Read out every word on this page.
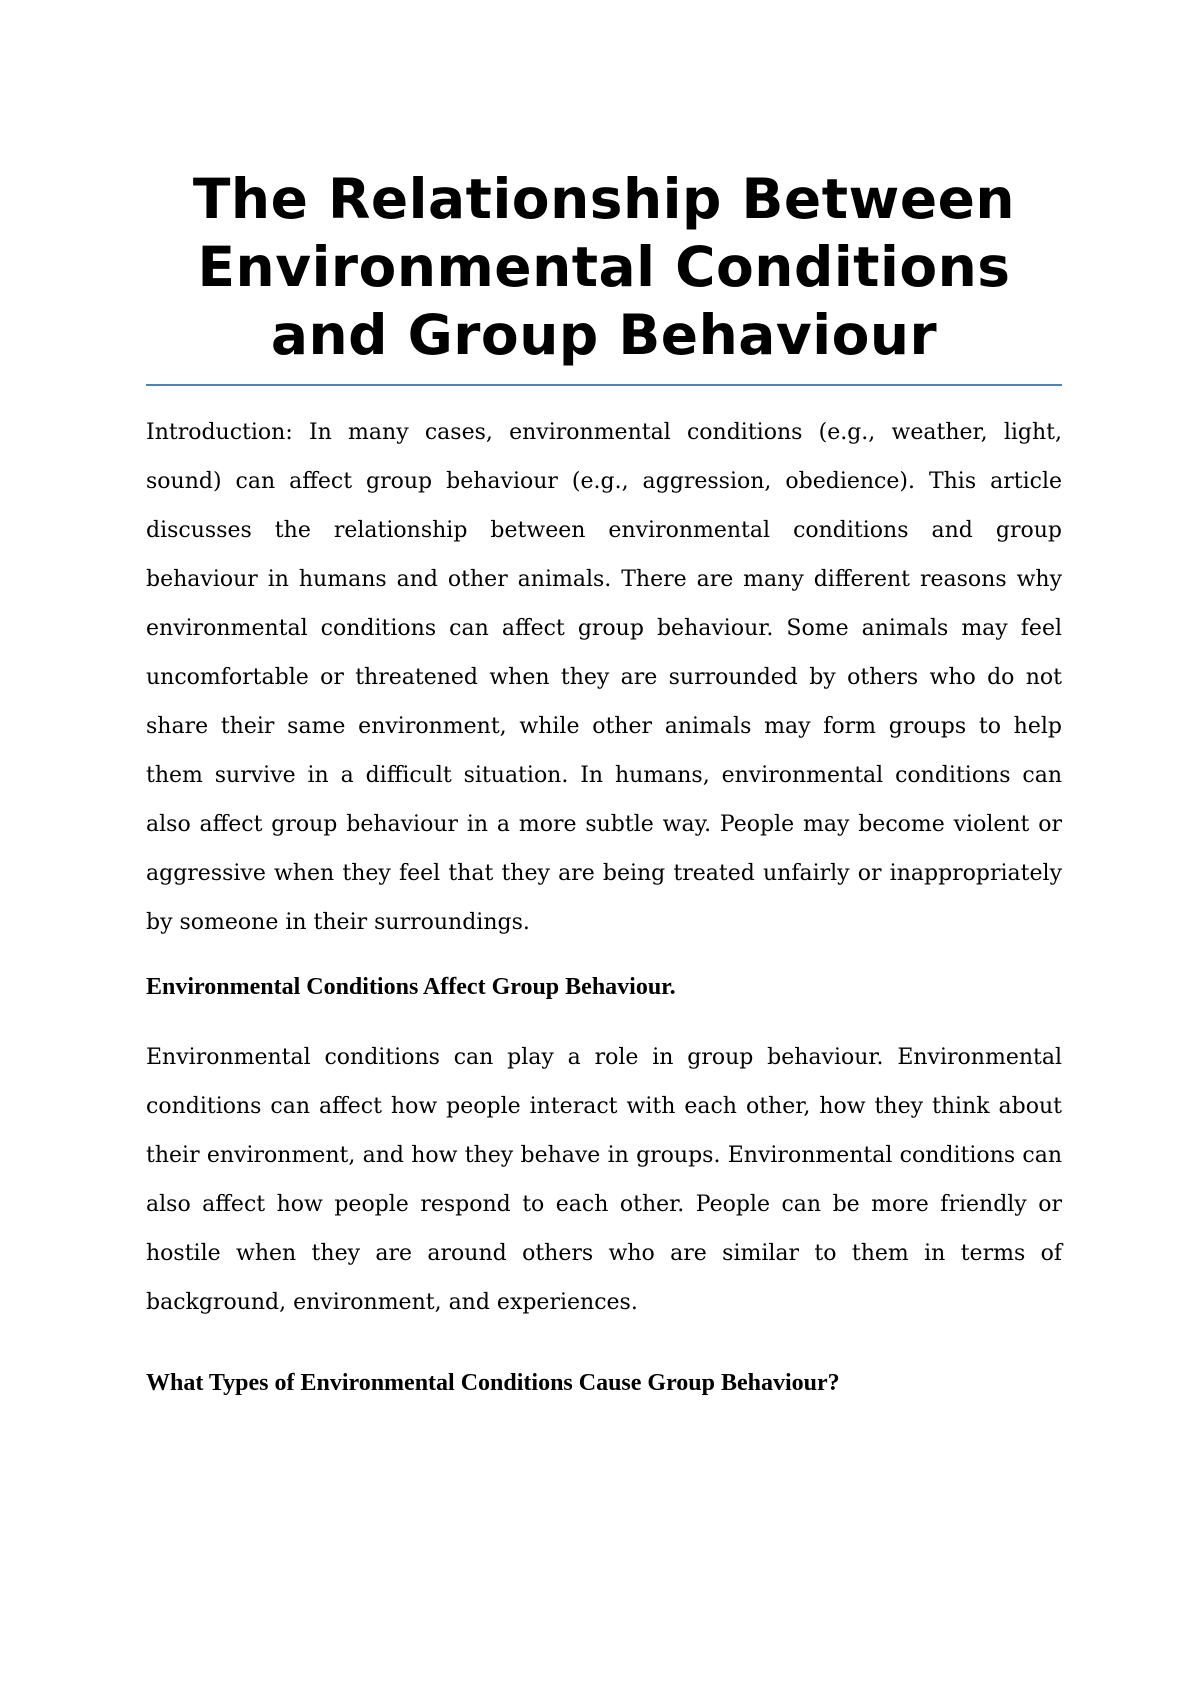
The Relationship Between Environmental Conditions and Group Behaviour

Introduction: In many cases, environmental conditions (e.g., weather, light, sound) can affect group behaviour (e.g., aggression, obedience). This article discusses the relationship between environmental conditions and group behaviour in humans and other animals. There are many different reasons why environmental conditions can affect group behaviour. Some animals may feel uncomfortable or threatened when they are surrounded by others who do not share their same environment, while other animals may form groups to help them survive in a difficult situation. In humans, environmental conditions can also affect group behaviour in a more subtle way. People may become violent or aggressive when they feel that they are being treated unfairly or inappropriately by someone in their surroundings.

Environmental Conditions Affect Group Behaviour.

Environmental conditions can play a role in group behaviour. Environmental conditions can affect how people interact with each other, how they think about their environment, and how they behave in groups. Environmental conditions can also affect how people respond to each other. People can be more friendly or hostile when they are around others who are similar to them in terms of background, environment, and experiences.

What Types of Environmental Conditions Cause Group Behaviour?
